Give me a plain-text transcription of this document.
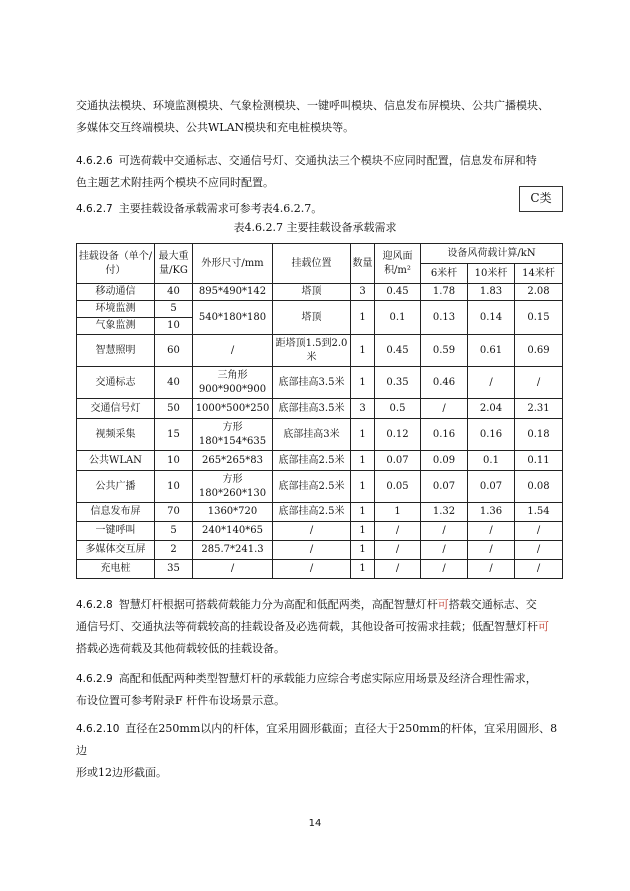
交通执法模块、环境监测模块、气象检测模块、一键呼叫模块、信息发布屏模块、公共广播模块、
多媒体交互终端模块、公共WLAN模块和充电桩模块等。
4.6.2.6 可选荷载中交通标志、交通信号灯、交通执法三个模块不应同时配置，信息发布屏和特
色主题艺术附挂两个模块不应同时配置。
4.6.2.7 主要挂载设备承载需求可参考表4.6.2.7。
C类
表4.6.2.7 主要挂载设备承载需求
挂载设备（单个/付）	最大重量/KG	外形尺寸/mm	挂载位置	数量	迎风面积/m²	设备风荷载计算/kN		
						6米杆	10米杆	14米杆
移动通信	40	895*490*142	塔顶	3	0.45	1.78	1.83	2.08
环境监测	5	540*180*180	塔顶	1	0.1	0.13	0.14	0.15
气象监测	10							
智慧照明	60	/	距塔顶1.5到2.0米	1	0.45	0.59	0.61	0.69
交通标志	40	三角形
900*900*900	底部挂高3.5米	1	0.35	0.46	/	/
交通信号灯	50	1000*500*250	底部挂高3.5米	3	0.5	/	2.04	2.31
视频采集	15	方形
180*154*635	底部挂高3米	1	0.12	0.16	0.16	0.18
公共WLAN	10	265*265*83	底部挂高2.5米	1	0.07	0.09	0.1	0.11
公共广播	10	方形
180*260*130	底部挂高2.5米	1	0.05	0.07	0.07	0.08
信息发布屏	70	1360*720	底部挂高2.5米	1	1	1.32	1.36	1.54
一键呼叫	5	240*140*65	/	1	/	/	/	/
多媒体交互屏	2	285.7*241.3	/	1	/	/	/	/
充电桩	35	/	/	1	/	/	/	/
4.6.2.8 智慧灯杆根据可搭载荷载能力分为高配和低配两类，高配智慧灯杆可搭载交通标志、交
通信号灯、交通执法等荷载较高的挂载设备及必选荷载，其他设备可按需求挂载；低配智慧灯杆可
搭载必选荷载及其他荷载较低的挂载设备。
4.6.2.9 高配和低配两种类型智慧灯杆的承载能力应综合考虑实际应用场景及经济合理性需求，
布设位置可参考附录F 杆件布设场景示意。
4.6.2.10 直径在250mm以内的杆体，宜采用圆形截面；直径大于250mm的杆体，宜采用圆形、8边
形或12边形截面。
14
